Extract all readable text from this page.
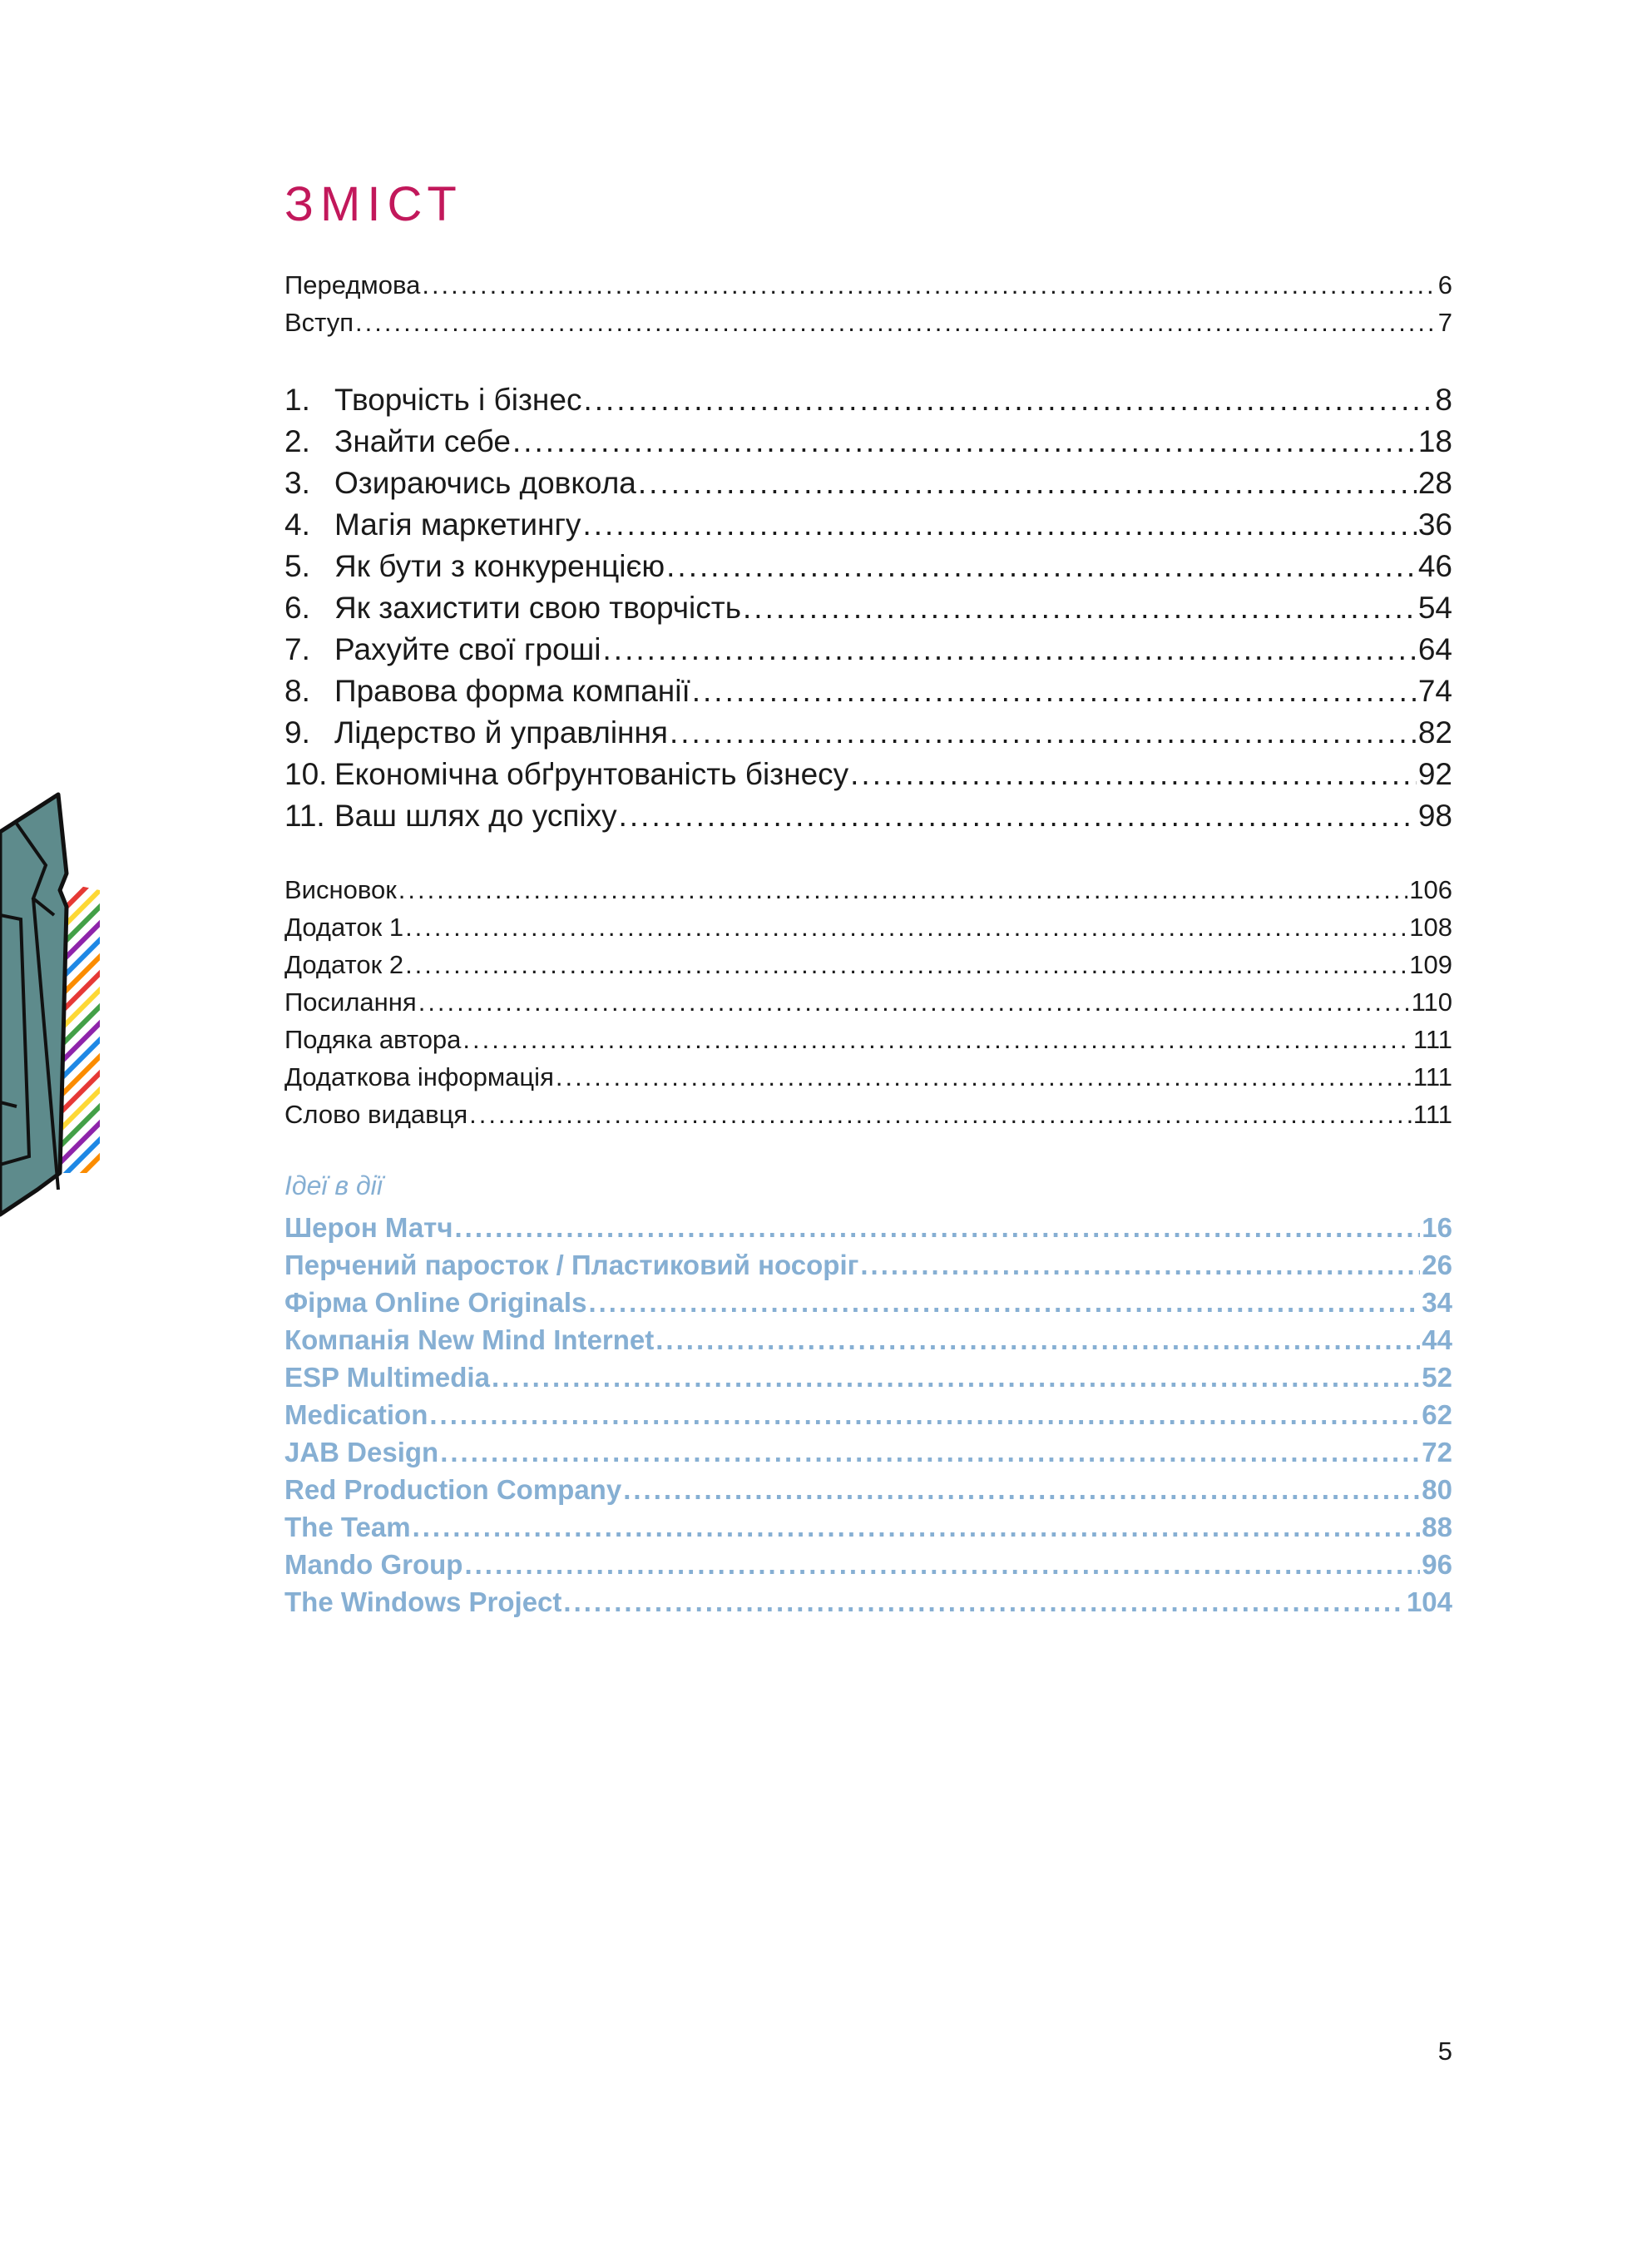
ЗМІСТ
Передмова .....	6
Вступ .....	7
1. Творчість і бізнес .....	8
2. Знайти себе .....	18
3. Озираючись довкола .....	28
4. Магія маркетингу .....	36
5. Як бути з конкуренцією .....	46
6. Як захистити свою творчість .....	54
7. Рахуйте свої гроші .....	64
8. Правова форма компанії .....	74
9. Лідерство й управління .....	82
10. Економічна обґрунтованість бізнесу .....	92
11. Ваш шлях до успіху .....	98
Висновок .....	106
Додаток 1 .....	108
Додаток 2 .....	109
Посилання .....	110
Подяка автора .....	111
Додаткова інформація .....	111
Слово видавця .....	111
Ідеї в дії
Шерон Матч .....	16
Перчений паросток / Пластиковий носоріг .....	26
Фірма Online Originals .....	34
Компанія New Mind Internet .....	44
ESP Multimedia .....	52
Medication .....	62
JAB Design .....	72
Red Production Company .....	80
The Team .....	88
Mando Group .....	96
The Windows Project .....	104
5
